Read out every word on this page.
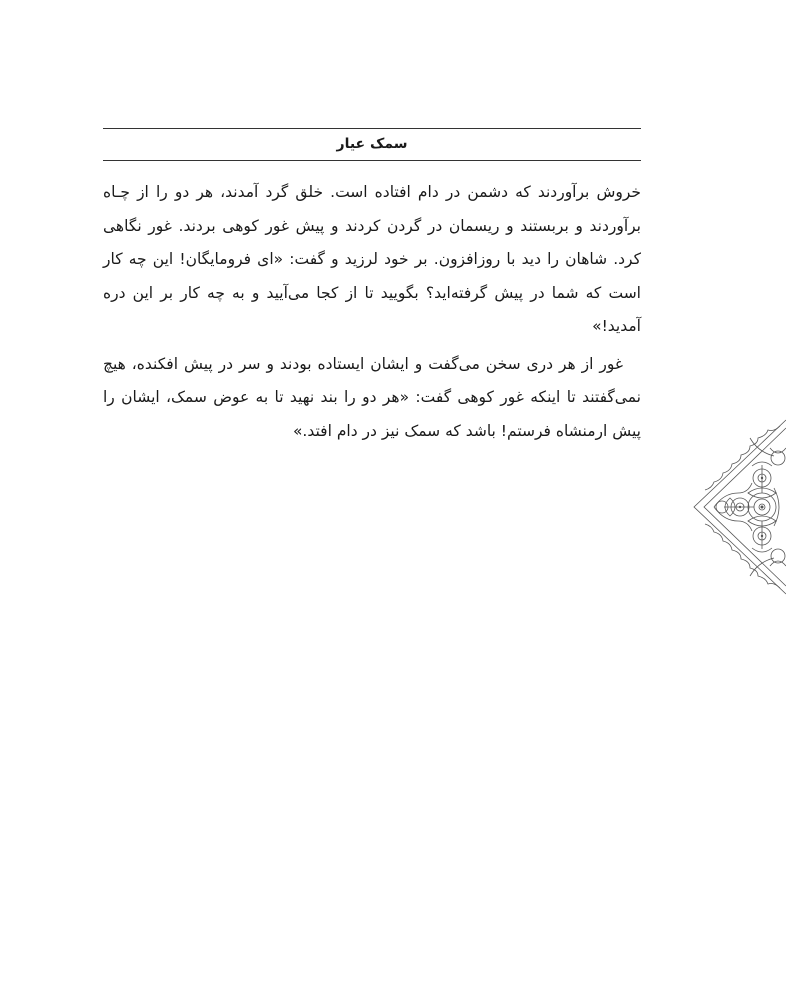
سمک عیار

خروش برآوردند که دشمن در دام افتاده است. خلق گرد آمدند، هر دو را از چـاه برآوردند و بربستند و ریسمان در گردن کردند و پیش غور کوهی بردند. غور نگاهی کرد. شاهان را دید با روزافزون. بر خود لرزید و گفت: «ای فرومایگان! این چه کار است که شما در پیش گرفته‌اید؟ بگویید تا از کجا می‌آیید و به چه کار بر این دره آمدید!»

غور از هر دری سخن می‌گفت و ایشان ایستاده بودند و سر در پیش افکنده، هیچ نمی‌گفتند تا اینکه غور کوهی گفت: «هر دو را بند نهید تا به عوض سمک، ایشان را پیش ارمنشاه فرستم! باشد که سمک نیز در دام افتد.»
